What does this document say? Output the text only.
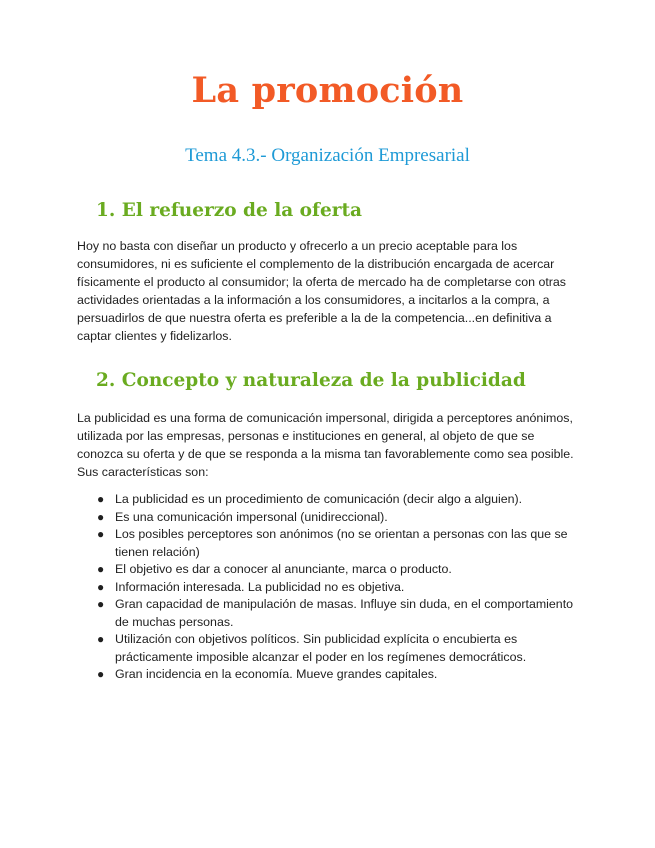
La promoción
Tema 4.3.- Organización Empresarial
1. El refuerzo de la oferta

Hoy no basta con diseñar un producto y ofrecerlo a un precio aceptable para los consumidores, ni es suficiente el complemento de la distribución encargada de acercar físicamente el producto al consumidor; la oferta de mercado ha de completarse con otras actividades orientadas a la información a los consumidores, a incitarlos a la compra, a persuadirlos de que nuestra oferta es preferible a la de la competencia...en definitiva a captar clientes y fidelizarlos.

2. Concepto y naturaleza de la publicidad

La publicidad es una forma de comunicación impersonal, dirigida a perceptores anónimos, utilizada por las empresas, personas e instituciones en general, al objeto de que se conozca su oferta y de que se responda a la misma tan favorablemente como sea posible. Sus características son:

● La publicidad es un procedimiento de comunicación (decir algo a alguien).
● Es una comunicación impersonal (unidireccional).
● Los posibles perceptores son anónimos (no se orientan a personas con las que se tienen relación)
● El objetivo es dar a conocer al anunciante, marca o producto.
● Información interesada. La publicidad no es objetiva.
● Gran capacidad de manipulación de masas. Influye sin duda, en el comportamiento de muchas personas.
● Utilización con objetivos políticos. Sin publicidad explícita o encubierta es prácticamente imposible alcanzar el poder en los regímenes democráticos.
● Gran incidencia en la economía. Mueve grandes capitales.
